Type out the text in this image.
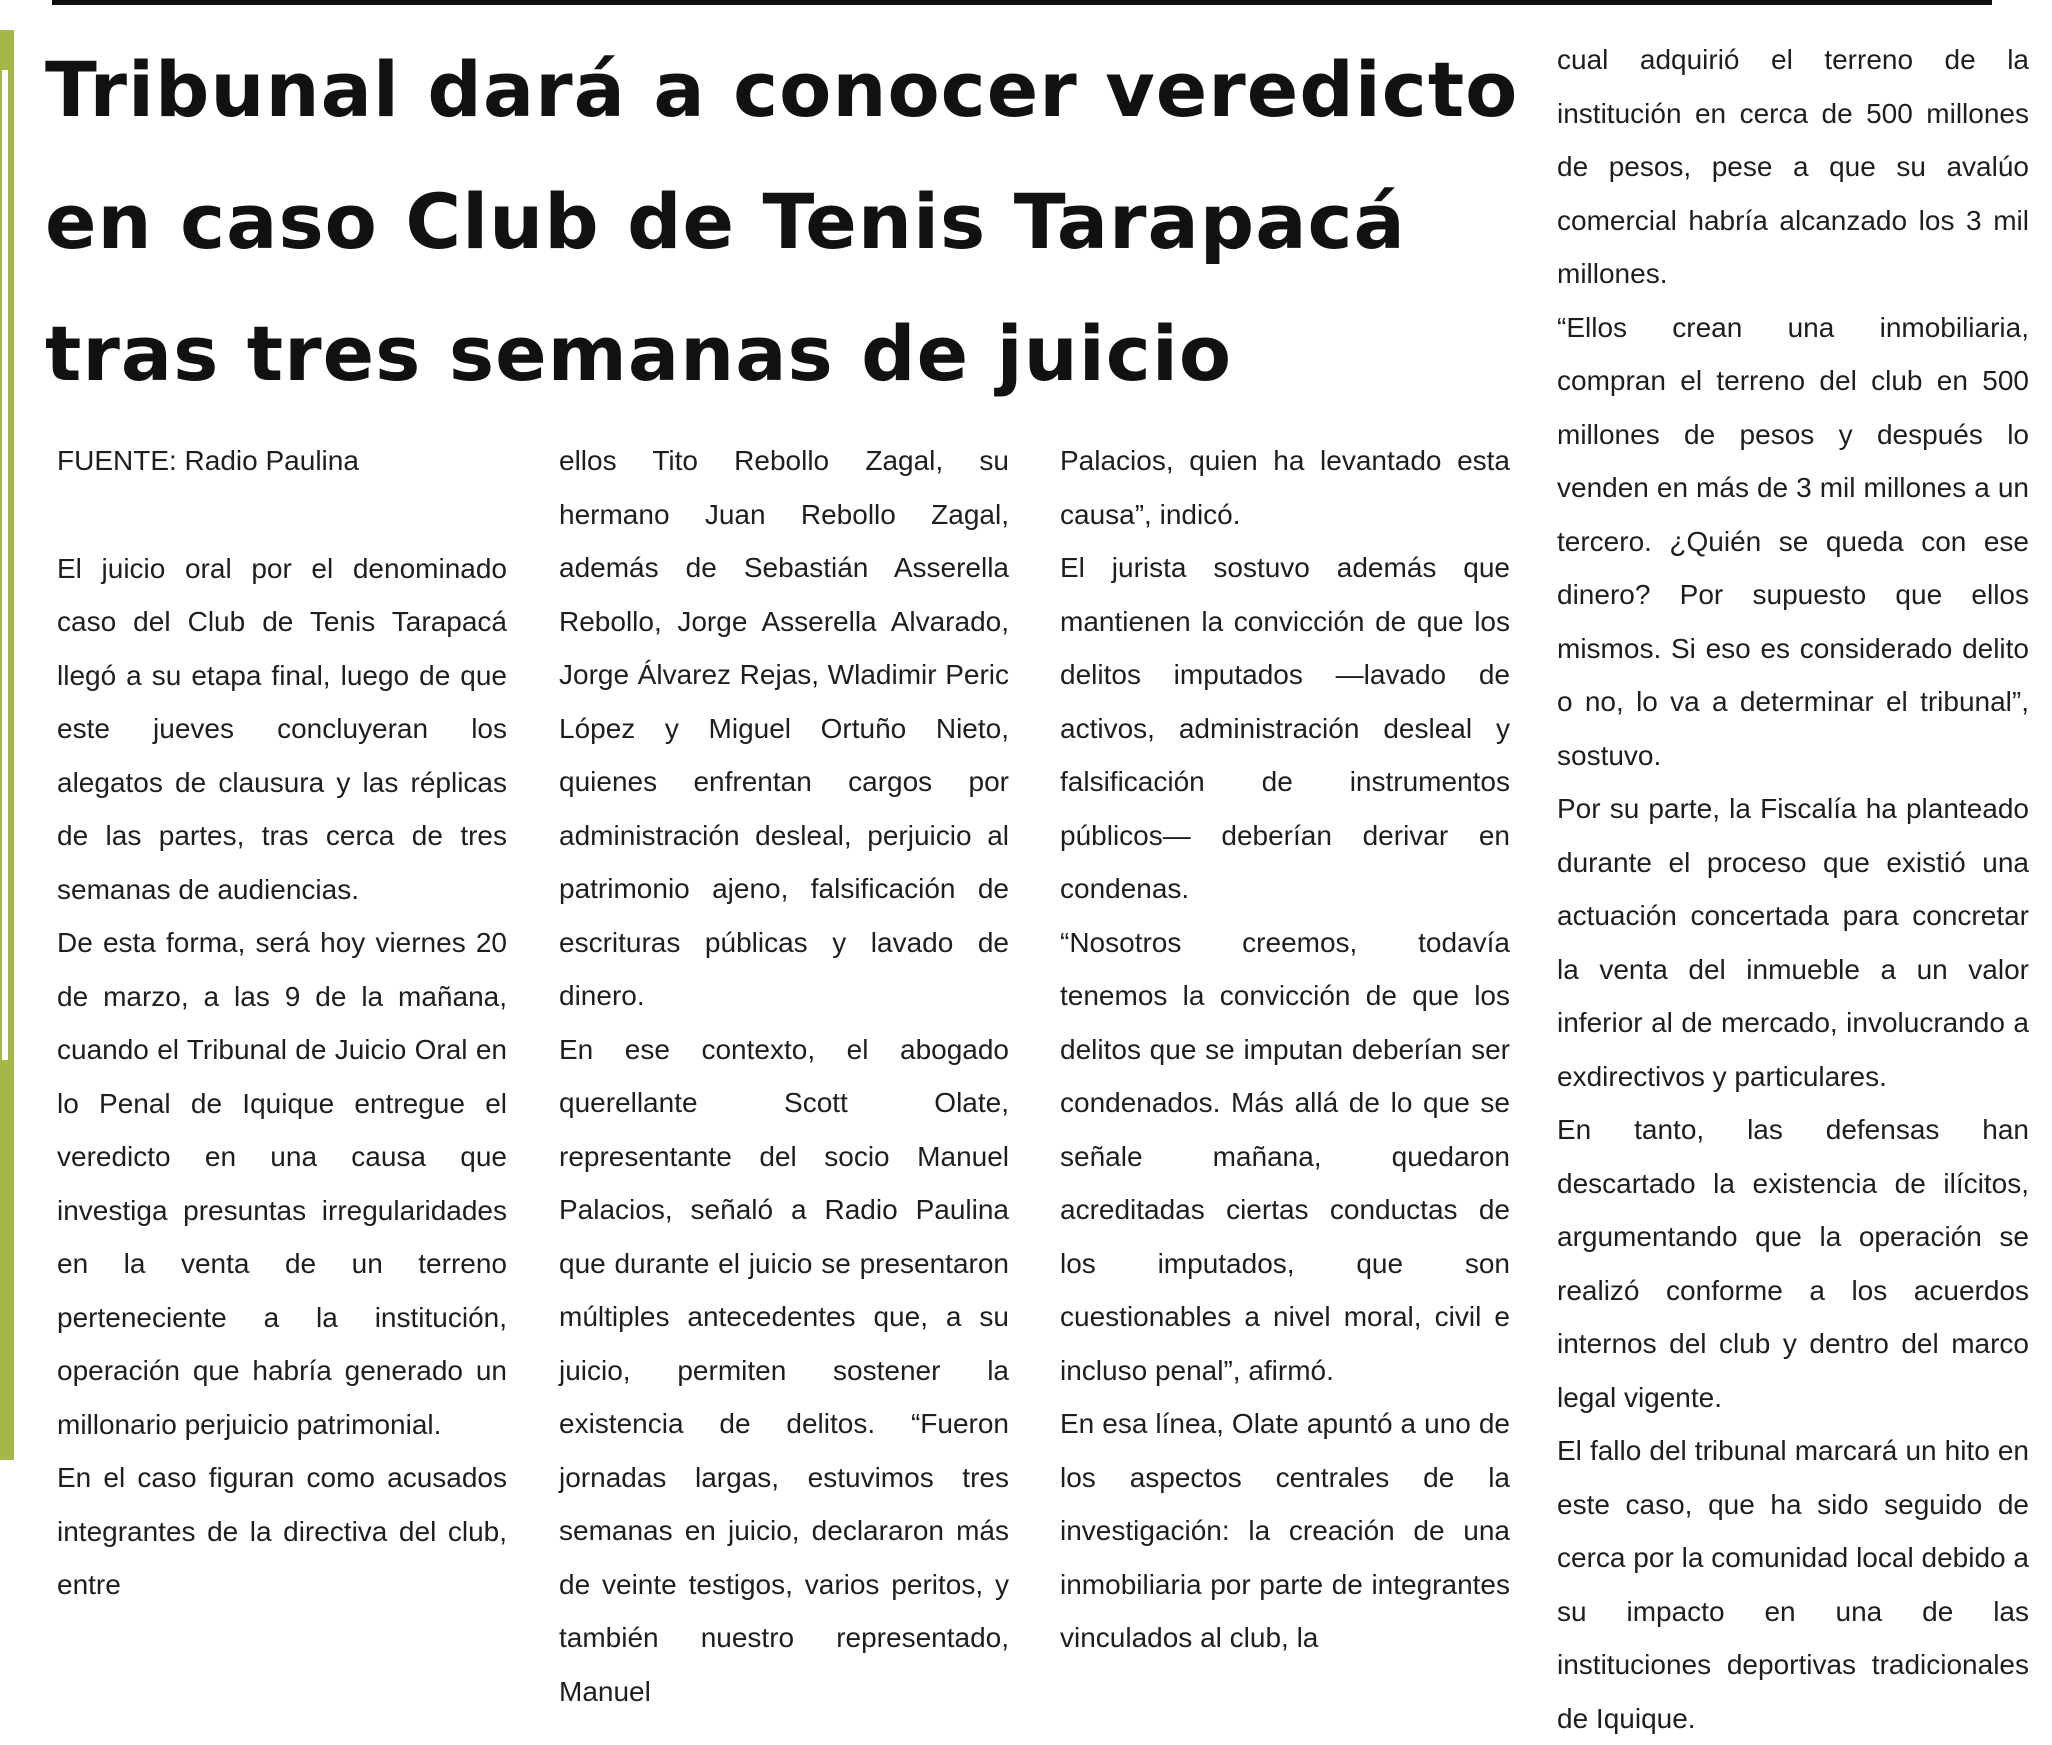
Tribunal dará a conocer veredicto
en caso Club de Tenis Tarapacá
tras tres semanas de juicio

FUENTE: Radio Paulina

El juicio oral por el denominado caso del Club de Tenis Tarapacá llegó a su etapa final, luego de que este jueves concluyeran los alegatos de clausura y las réplicas de las partes, tras cerca de tres semanas de audiencias.

De esta forma, será hoy viernes 20 de marzo, a las 9 de la mañana, cuando el Tribunal de Juicio Oral en lo Penal de Iquique entregue el veredicto en una causa que investiga presuntas irregularidades en la venta de un terreno perteneciente a la institución, operación que habría generado un millonario perjuicio patrimonial.

En el caso figuran como acusados integrantes de la directiva del club, entre

ellos Tito Rebollo Zagal, su hermano Juan Rebollo Zagal, además de Sebastián Asserella Rebollo, Jorge Asserella Alvarado, Jorge Álvarez Rejas, Wladimir Peric López y Miguel Ortuño Nieto, quienes enfrentan cargos por administración desleal, perjuicio al patrimonio ajeno, falsificación de escrituras públicas y lavado de dinero.

En ese contexto, el abogado querellante Scott Olate, representante del socio Manuel Palacios, señaló a Radio Paulina que durante el juicio se presentaron múltiples antecedentes que, a su juicio, permiten sostener la existencia de delitos. “Fueron jornadas largas, estuvimos tres semanas en juicio, declararon más de veinte testigos, varios peritos, y también nuestro representado, Manuel

Palacios, quien ha levantado esta causa”, indicó.

El jurista sostuvo además que mantienen la convicción de que los delitos imputados —lavado de activos, administración desleal y falsificación de instrumentos públicos— deberían derivar en condenas.

“Nosotros creemos, todavía tenemos la convicción de que los delitos que se imputan deberían ser condenados. Más allá de lo que se señale mañana, quedaron acreditadas ciertas conductas de los imputados, que son cuestionables a nivel moral, civil e incluso penal”, afirmó.

En esa línea, Olate apuntó a uno de los aspectos centrales de la investigación: la creación de una inmobiliaria por parte de integrantes vinculados al club, la

cual adquirió el terreno de la institución en cerca de 500 millones de pesos, pese a que su avalúo comercial habría alcanzado los 3 mil millones.

“Ellos crean una inmobiliaria, compran el terreno del club en 500 millones de pesos y después lo venden en más de 3 mil millones a un tercero. ¿Quién se queda con ese dinero? Por supuesto que ellos mismos. Si eso es considerado delito o no, lo va a determinar el tribunal”, sostuvo.

Por su parte, la Fiscalía ha planteado durante el proceso que existió una actuación concertada para concretar la venta del inmueble a un valor inferior al de mercado, involucrando a exdirectivos y particulares.

En tanto, las defensas han descartado la existencia de ilícitos, argumentando que la operación se realizó conforme a los acuerdos internos del club y dentro del marco legal vigente.

El fallo del tribunal marcará un hito en este caso, que ha sido seguido de cerca por la comunidad local debido a su impacto en una de las instituciones deportivas tradicionales de Iquique.
